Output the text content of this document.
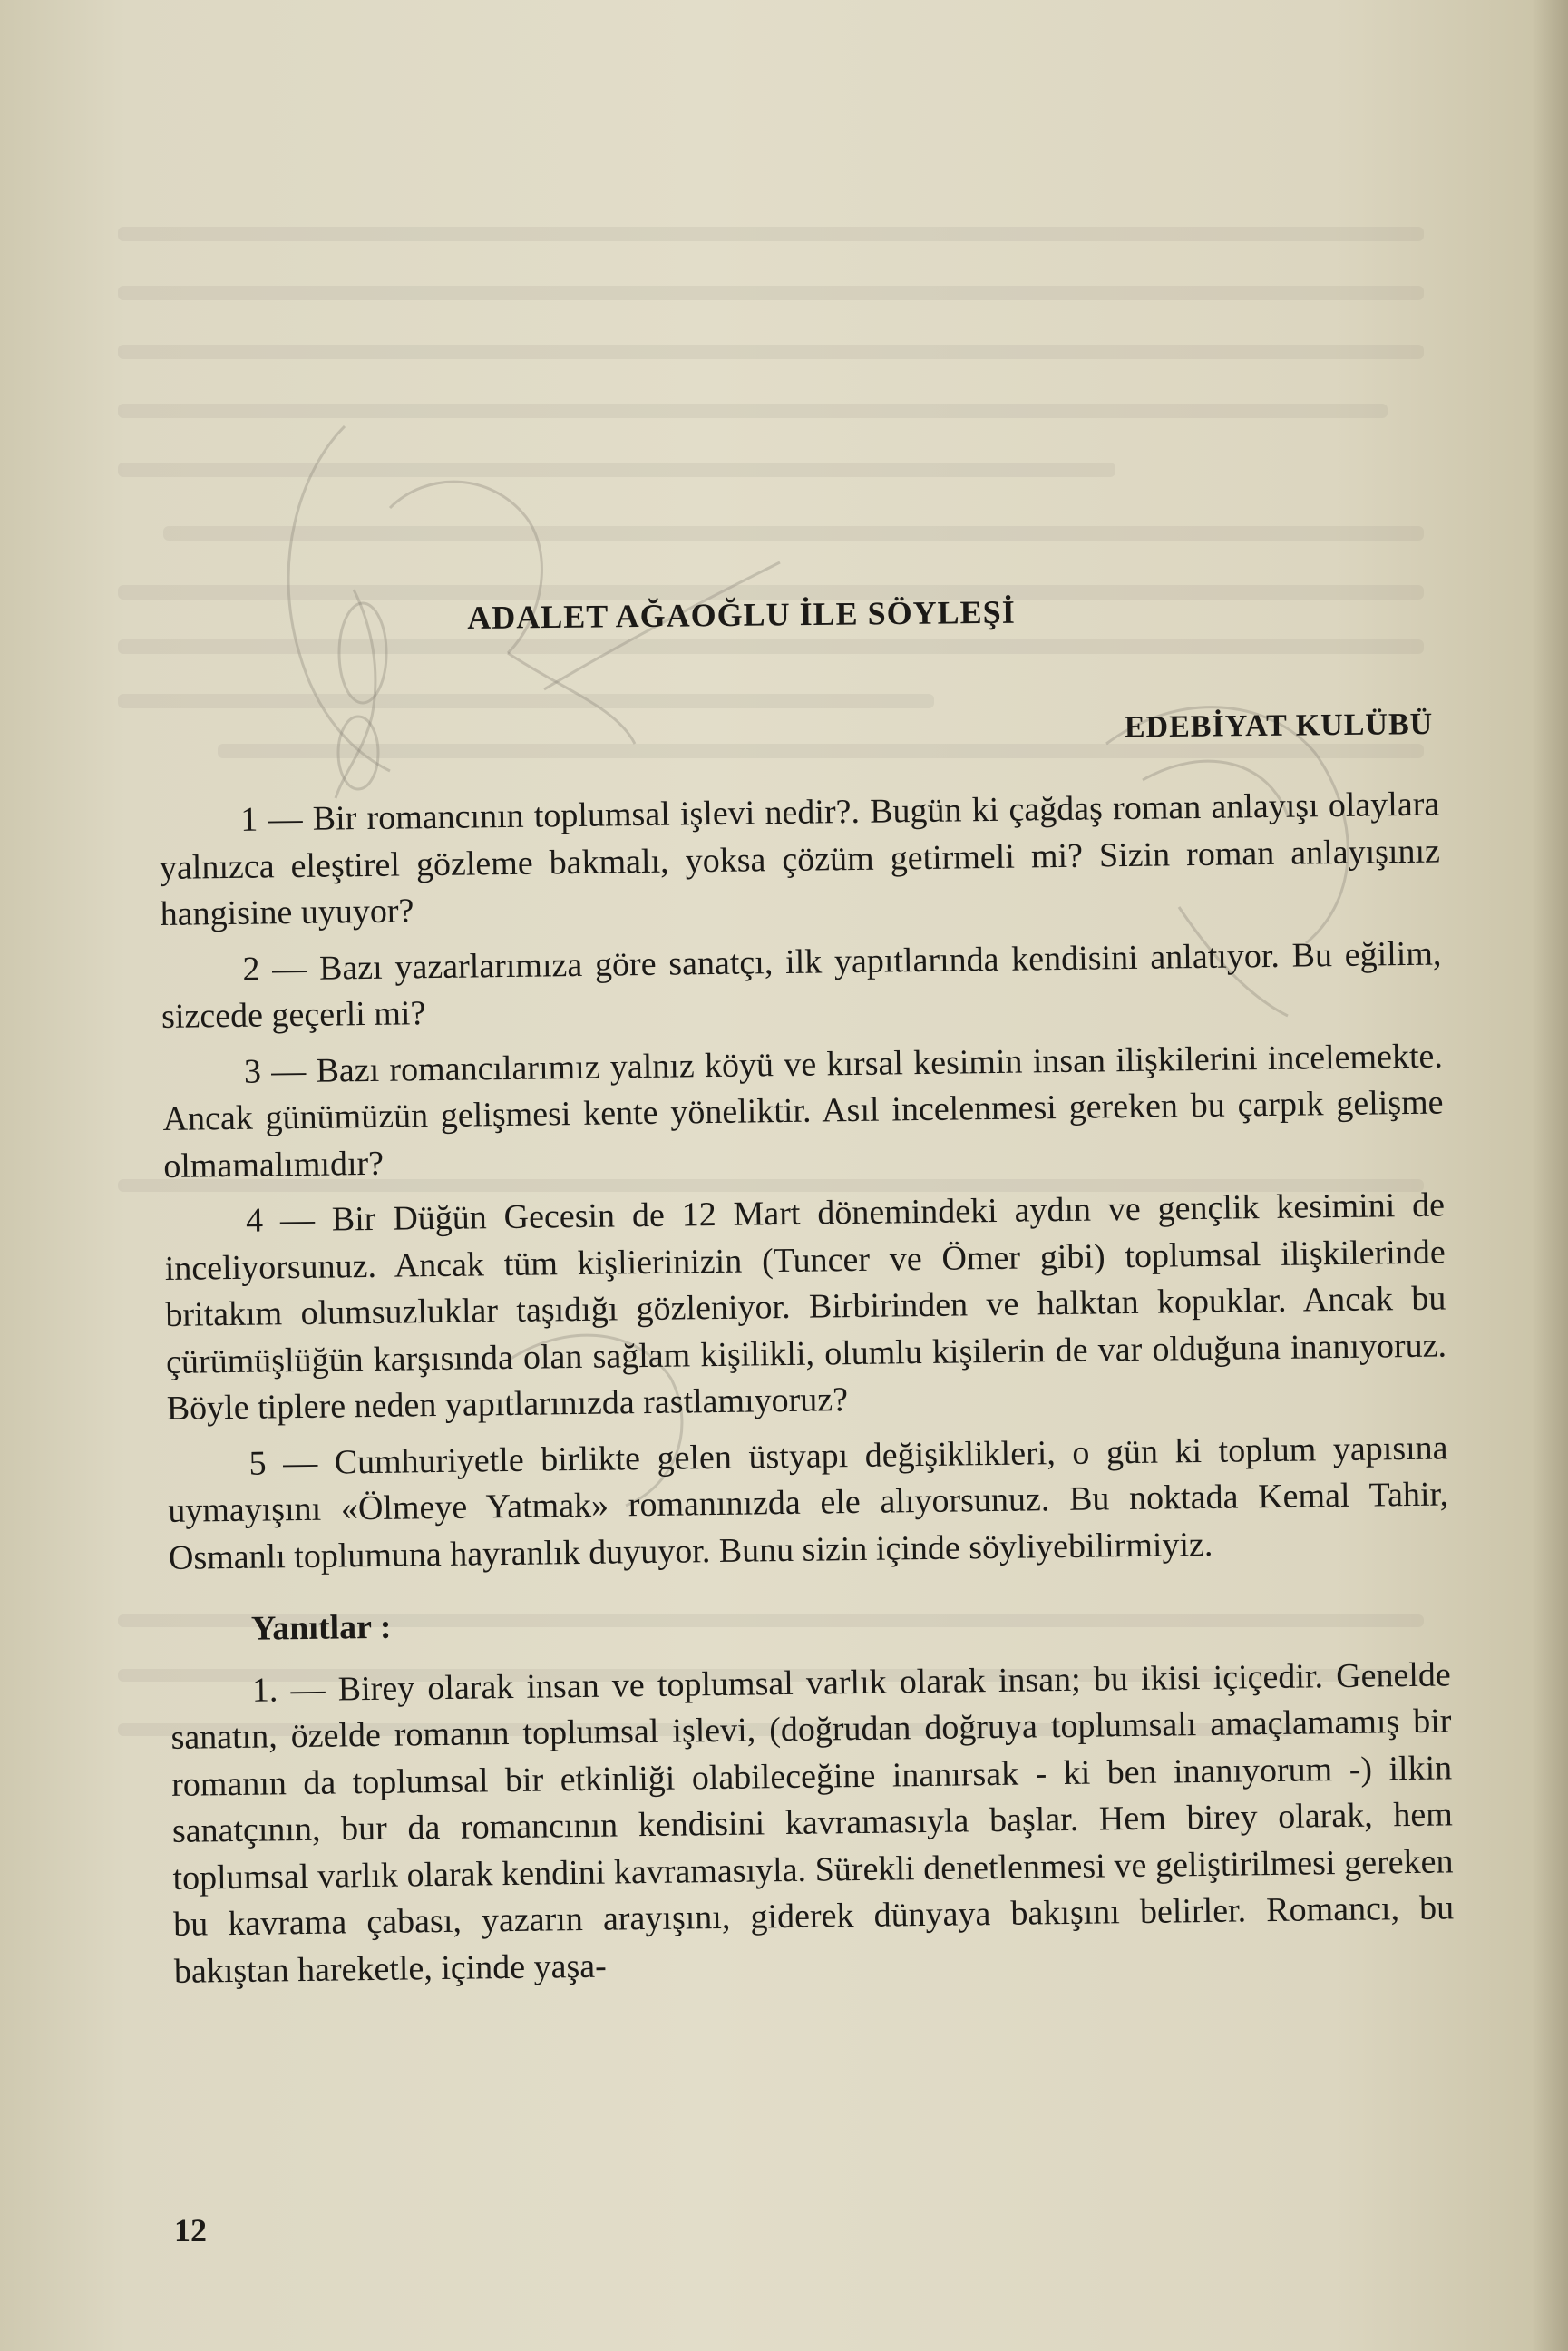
ADALET AĞAOĞLU İLE SÖYLEŞİ
EDEBİYAT KULÜBÜ

1 — Bir romancının toplumsal işlevi nedir?. Bugün ki çağdaş roman anlayışı olaylara yalnızca eleştirel gözleme bakmalı, yoksa çözüm getirmeli mi? Sizin roman anlayışınız hangisine uyuyor?

2 — Bazı yazarlarımıza göre sanatçı, ilk yapıtlarında kendisini anlatıyor. Bu eğilim, sizcede geçerli mi?

3 — Bazı romancılarımız yalnız köyü ve kırsal kesimin insan ilişkilerini incelemekte. Ancak günümüzün gelişmesi kente yöneliktir. Asıl incelenmesi gereken bu çarpık gelişme olmamalımıdır?

4 — Bir Düğün Gecesin de 12 Mart dönemindeki aydın ve gençlik kesimini de inceliyorsunuz. Ancak tüm kişlierinizin (Tuncer ve Ömer gibi) toplumsal ilişkilerinde britakım olumsuzluklar taşıdığı gözleniyor. Birbirinden ve halktan kopuklar. Ancak bu çürümüşlüğün karşısında olan sağlam kişilikli, olumlu kişilerin de var olduğuna inanıyoruz. Böyle tiplere neden yapıtlarınızda rastlamıyoruz?

5 — Cumhuriyetle birlikte gelen üstyapı değişiklikleri, o gün ki toplum yapısına uymayışını «Ölmeye Yatmak» romanınızda ele alıyorsunuz. Bu noktada Kemal Tahir, Osmanlı toplumuna hayranlık duyuyor. Bunu sizin içinde söyliyebilirmiyiz.

Yanıtlar :

1. — Birey olarak insan ve toplumsal varlık olarak insan; bu ikisi içiçedir. Genelde sanatın, özelde romanın toplumsal işlevi, (doğrudan doğruya toplumsalı amaçlamamış bir romanın da toplumsal bir etkinliği olabileceğine inanırsak - ki ben inanıyorum -) ilkin sanatçının, bur da romancının kendisini kavramasıyla başlar. Hem birey olarak, hem toplumsal varlık olarak kendini kavramasıyla. Sürekli denetlenmesi ve geliştirilmesi gereken bu kavrama çabası, yazarın arayışını, giderek dünyaya bakışını belirler. Romancı, bu bakıştan hareketle, içinde yaşa-

12
